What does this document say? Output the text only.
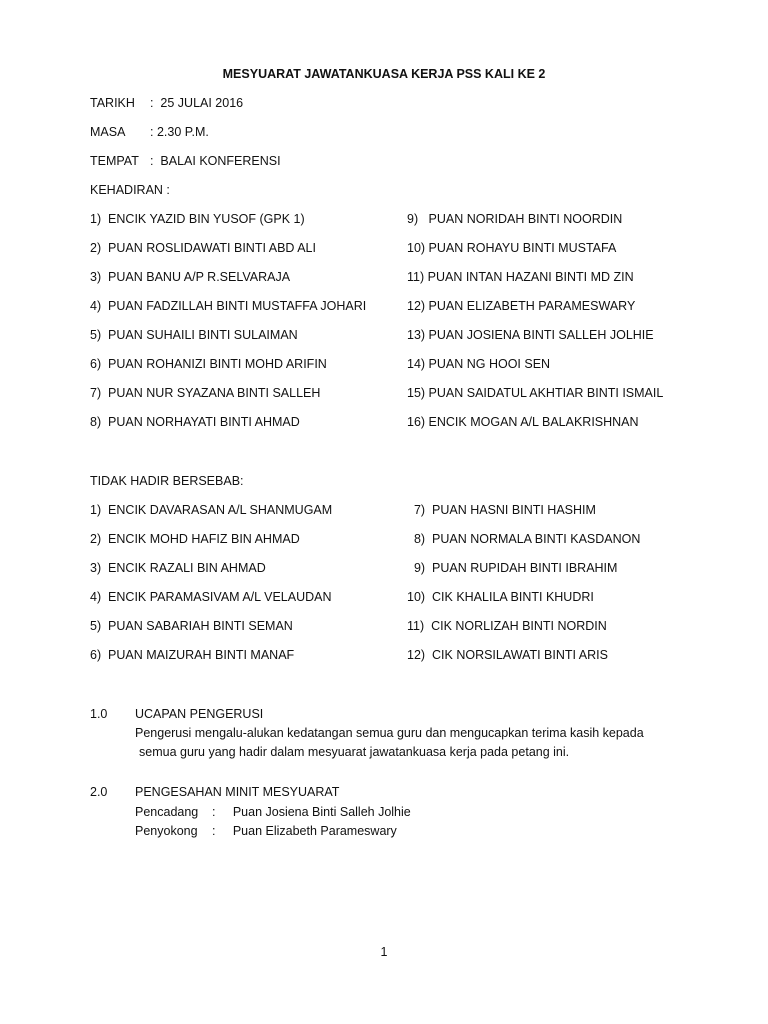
MESYUARAT JAWATANKUASA KERJA PSS KALI KE 2
TARIKH :  25 JULAI 2016
MASA : 2.30 P.M.
TEMPAT :  BALAI KONFERENSI
KEHADIRAN :
1)  ENCIK YAZID BIN YUSOF (GPK 1)
2)  PUAN ROSLIDAWATI BINTI ABD ALI
3)  PUAN BANU A/P R.SELVARAJA
4)  PUAN FADZILLAH BINTI MUSTAFFA JOHARI
5)  PUAN SUHAILI BINTI SULAIMAN
6)  PUAN ROHANIZI BINTI MOHD ARIFIN
7)  PUAN NUR SYAZANA BINTI SALLEH
8)  PUAN NORHAYATI BINTI AHMAD
9)   PUAN NORIDAH BINTI NOORDIN
10) PUAN ROHAYU BINTI MUSTAFA
11) PUAN INTAN HAZANI BINTI MD ZIN
12) PUAN ELIZABETH PARAMESWARY
13) PUAN JOSIENA BINTI SALLEH JOLHIE
14) PUAN NG HOOI SEN
15) PUAN SAIDATUL AKHTIAR BINTI ISMAIL
16) ENCIK MOGAN A/L BALAKRISHNAN
TIDAK HADIR BERSEBAB:
1)  ENCIK DAVARASAN A/L SHANMUGAM
2)  ENCIK MOHD HAFIZ BIN AHMAD
3)  ENCIK RAZALI BIN AHMAD
4)  ENCIK PARAMASIVAM A/L VELAUDAN
5)  PUAN SABARIAH BINTI SEMAN
6)  PUAN MAIZURAH BINTI MANAF
7)  PUAN HASNI BINTI HASHIM
8)  PUAN NORMALA BINTI KASDANON
9)  PUAN RUPIDAH BINTI IBRAHIM
10)  CIK KHALILA BINTI KHUDRI
11)  CIK NORLIZAH BINTI NORDIN
12)  CIK NORSILAWATI BINTI ARIS
1.0 UCAPAN PENGERUSI
Pengerusi mengalu-alukan kedatangan semua guru dan mengucapkan terima kasih kepada
semua guru yang hadir dalam mesyuarat jawatankuasa kerja pada petang ini.
2.0 PENGESAHAN MINIT MESYUARAT
Pencadang :     Puan Josiena Binti Salleh Jolhie
Penyokong :     Puan Elizabeth Parameswary
1
